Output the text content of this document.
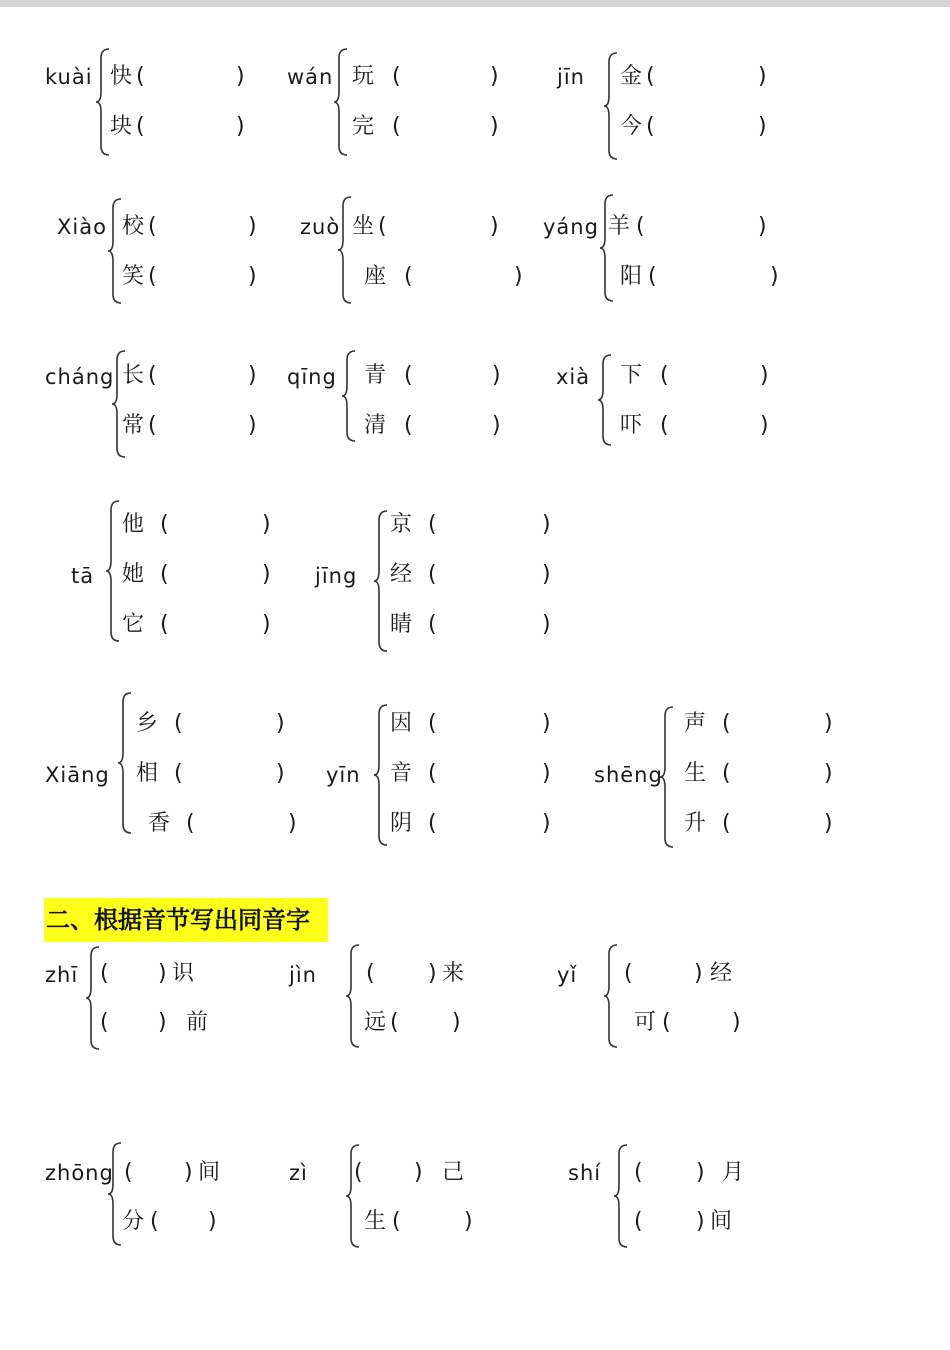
kuài 快 (	)
块 (	)
wán 玩 (	)
完 (	)
jīn 金 (	)
今 (	)
Xiào 校 (	)
笑 (	)
zuò 坐 (	)
座 (	)
yáng 羊 (	)
阳 (	)
cháng 长 (	)
常 (	)
qīng 青 (	)
清 (	)
xià 下 (	)
吓 (	)
tā
他 (	)
她 (	)
它 (	)
jīng
京 (	)
经 (	)
睛 (	)
Xiāng
乡 (	)
相 (	)
香 (	)
yīn
因 (	)
音 (	)
阴 (	)
shēng
声 (	)
生 (	)
升 (	)
二、根据音节写出同音字
zhī ( ) 识
( ) 前
jìn ( ) 来
远 ( )
yǐ (	) 经
可 (	)
zhōng ( ) 间
分 ( )
zì ( ) 己
生 (	)
shí ( ) 月
( ) 间
